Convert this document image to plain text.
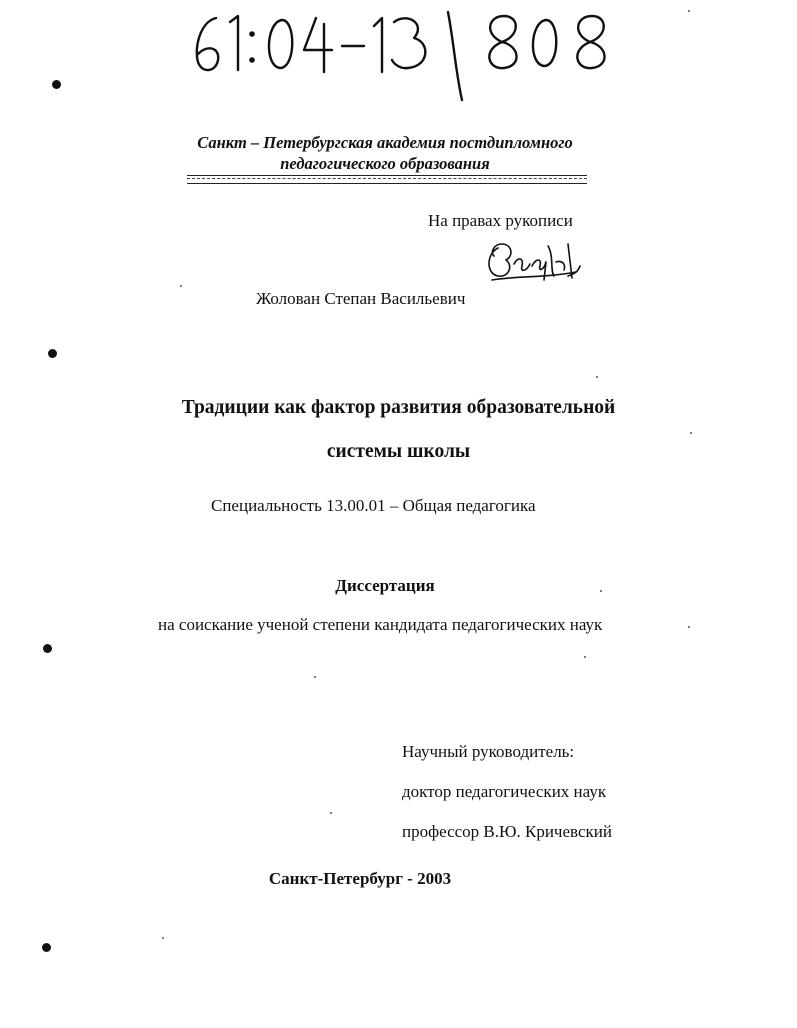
Санкт – Петербургская академия постдипломного
педагогического образования
На правах рукописи
Жолован Степан Васильевич
Традиции как фактор развития образовательной
системы школы
Специальность 13.00.01 – Общая педагогика
Диссертация
на соискание ученой степени кандидата педагогических наук
Научный руководитель:
доктор педагогических наук
профессор В.Ю. Кричевский
Санкт-Петербург - 2003
